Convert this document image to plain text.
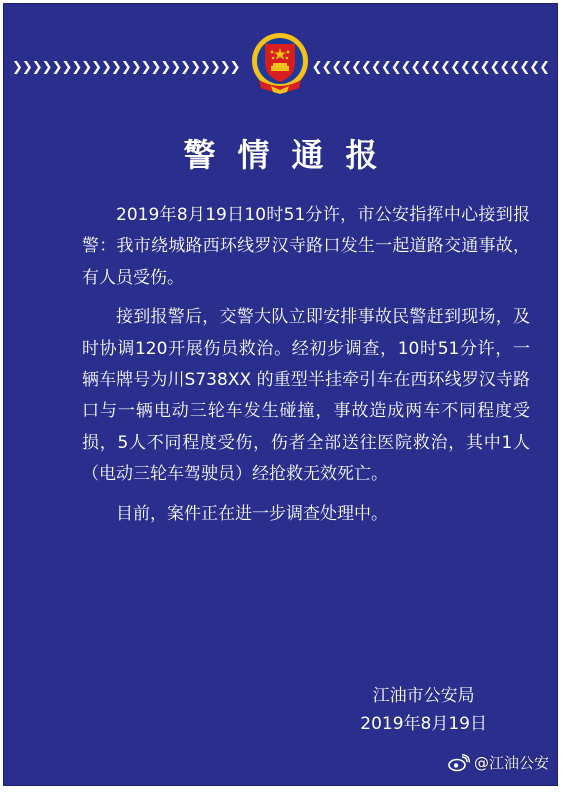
❯❯❯❯❯❯❯❯❯❯❯❯❯❯❯❯❯❯❯❯❯❯❯	❮❮❮❮❮❮❮❮❮❮❮❮❮❮❮❮❮❮❮❮❮❮❮❮
警情通报

2019年8月19日10时51分许，市公安指挥中心接到报警：我市绕城路西环线罗汉寺路口发生一起道路交通事故，有人员受伤。

接到报警后，交警大队立即安排事故民警赶到现场，及时协调120开展伤员救治。经初步调查，10时51分许，一辆车牌号为川S738XX 的重型半挂牵引车在西环线罗汉寺路口与一辆电动三轮车发生碰撞，事故造成两车不同程度受损，5人不同程度受伤，伤者全部送往医院救治，其中1人（电动三轮车驾驶员）经抢救无效死亡。

目前，案件正在进一步调查处理中。

江油市公安局
2019年8月19日
@江油公安
